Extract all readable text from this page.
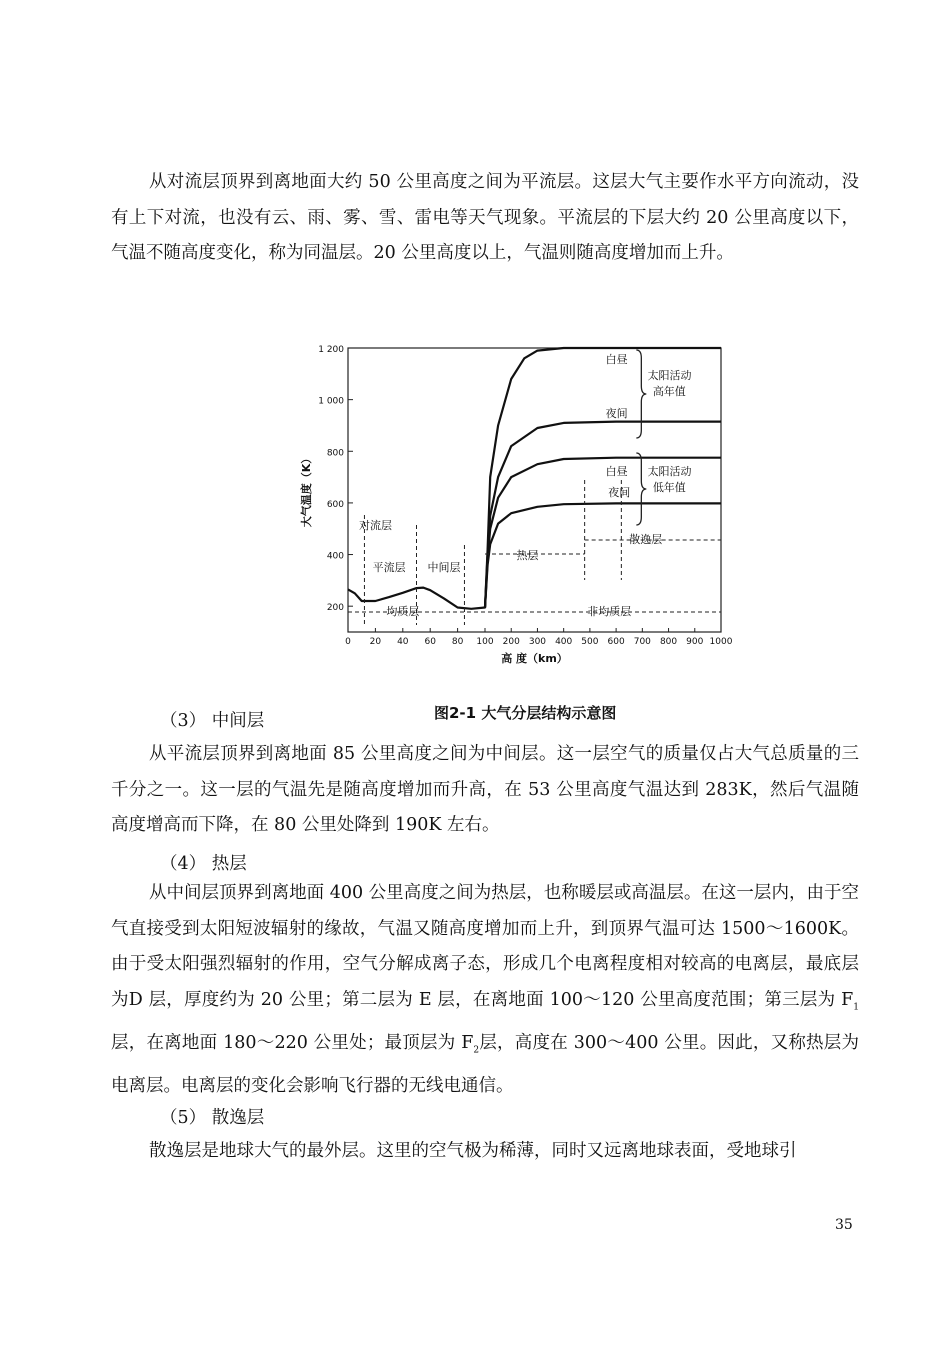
从对流层顶界到离地面大约 50 公里高度之间为平流层。这层大气主要作水平方向流动，没有上下对流，也没有云、雨、雾、雪、雷电等天气现象。平流层的下层大约 20 公里高度以下，气温不随高度变化，称为同温层。20 公里高度以上，气温则随高度增加而上升。

200
400
600
800
1 000
1 200
0 20 40 60 80 100 200 300 400 500 600 700 800 900 1000
高 度（km）
大气温度（K）	对流层
平流层 中间层
热层
散逸层
均质层	非均质层
白昼
夜间
白昼
夜间
太阳活动
高年值
太阳活动
低年值
图2-1 大气分层结构示意图

（3） 中间层

从平流层顶界到离地面 85 公里高度之间为中间层。这一层空气的质量仅占大气总质量的三千分之一。这一层的气温先是随高度增加而升高，在 53 公里高度气温达到 283K，然后气温随高度增高而下降，在 80 公里处降到 190K 左右。

（4） 热层

从中间层顶界到离地面 400 公里高度之间为热层，也称暖层或高温层。在这一层内，由于空气直接受到太阳短波辐射的缘故，气温又随高度增加而上升，到顶界气温可达 1500～1600K。由于受太阳强烈辐射的作用，空气分解成离子态，形成几个电离程度相对较高的电离层，最底层为D 层，厚度约为 20 公里；第二层为 E 层，在离地面 100～120 公里高度范围；第三层为 $F_1$层，在离地面 180～220 公里处；最顶层为 $F_2$层，高度在 300～400 公里。因此，又称热层为电离层。电离层的变化会影响飞行器的无线电通信。

（5） 散逸层

散逸层是地球大气的最外层。这里的空气极为稀薄，同时又远离地球表面，受地球引

35
